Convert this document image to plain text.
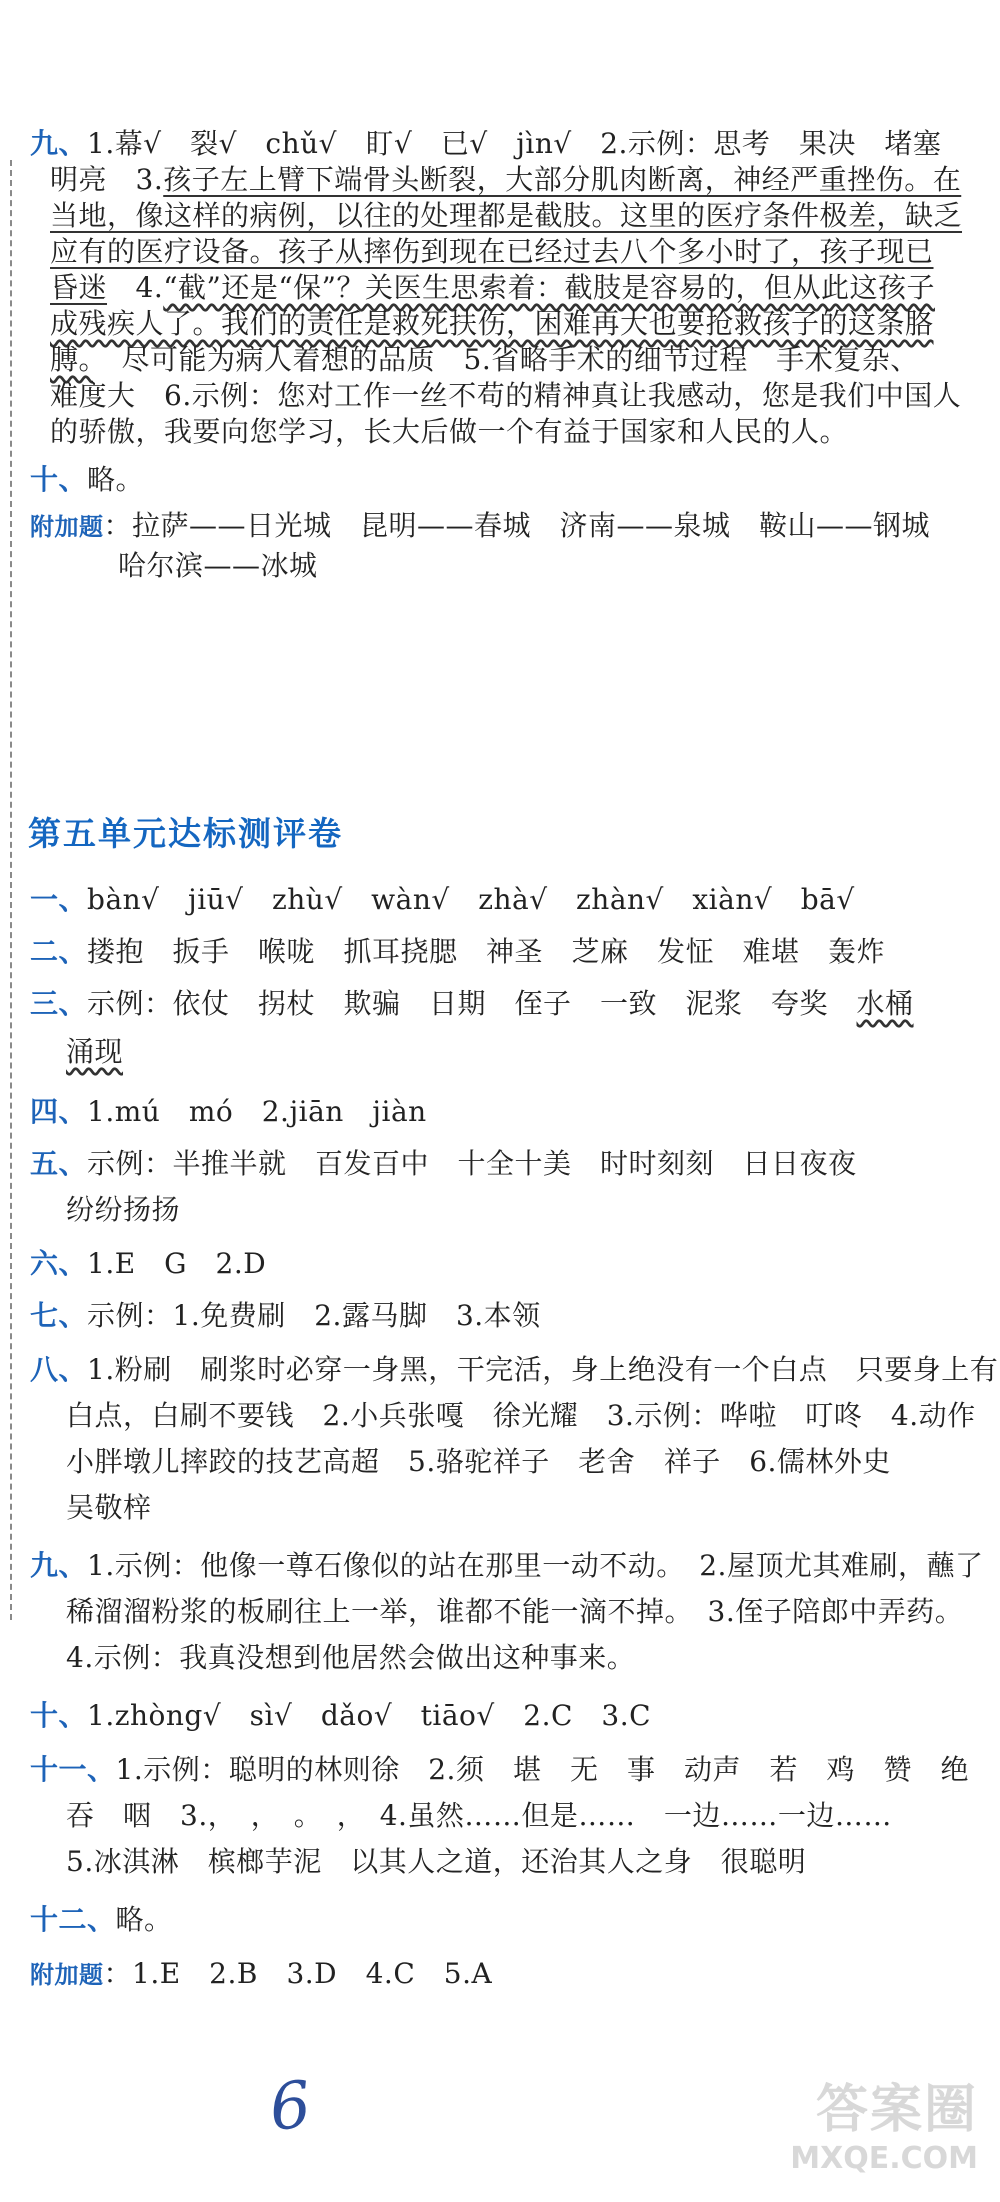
九、1.幕√　裂√　chǔ√　盯√　已√　jìn√　2.示例：思考　果决　堵塞
明亮　3.孩子左上臂下端骨头断裂，大部分肌肉断离，神经严重挫伤。在
当地，像这样的病例，以往的处理都是截肢。这里的医疗条件极差，缺乏
应有的医疗设备。孩子从摔伤到现在已经过去八个多小时了，孩子现已
昏迷　4.“截”还是“保”？关医生思索着：截肢是容易的，但从此这孩子
成残疾人了。我们的责任是救死扶伤，困难再大也要抢救孩子的这条胳
膊。　尽可能为病人着想的品质　5.省略手术的细节过程　手术复杂、
难度大　6.示例：您对工作一丝不苟的精神真让我感动，您是我们中国人
的骄傲，我要向您学习，长大后做一个有益于国家和人民的人。
十、略。
附加题：拉萨——日光城　昆明——春城　济南——泉城　鞍山——钢城
哈尔滨——冰城
第五单元达标测评卷
一、bàn√　jiū√　zhù√　wàn√　zhà√　zhàn√　xiàn√　bā√
二、搂抱　扳手　喉咙　抓耳挠腮　神圣　芝麻　发怔　难堪　轰炸
三、示例：依仗　拐杖　欺骗　日期　侄子　一致　泥浆　夸奖　水桶
涌现
四、1.mú　mó　2.jiān　jiàn
五、示例：半推半就　百发百中　十全十美　时时刻刻　日日夜夜
纷纷扬扬
六、1.E　G　2.D
七、示例：1.免费刷　2.露马脚　3.本领
八、1.粉刷　刷浆时必穿一身黑，干完活，身上绝没有一个白点　只要身上有
白点，白刷不要钱　2.小兵张嘎　徐光耀　3.示例：哗啦　叮咚　4.动作
小胖墩儿摔跤的技艺高超　5.骆驼祥子　老舍　祥子　6.儒林外史
吴敬梓
九、1.示例：他像一尊石像似的站在那里一动不动。　2.屋顶尤其难刷，蘸了
稀溜溜粉浆的板刷往上一举，谁都不能一滴不掉。　3.侄子陪郎中弄药。
4.示例：我真没想到他居然会做出这种事来。
十、1.zhòng√　sì√　dǎo√　tiāo√　2.C　3.C
十一、1.示例：聪明的林则徐　2.须　堪　无　事　动声　若　鸡　赞　绝
吞　咽　3.，　，　。　，　4.虽然……但是……　一边……一边……
5.冰淇淋　槟榔芋泥　以其人之道，还治其人之身　很聪明
十二、略。
附加题：1.E　2.B　3.D　4.C　5.A
6	答案圈
MXQE.COM
